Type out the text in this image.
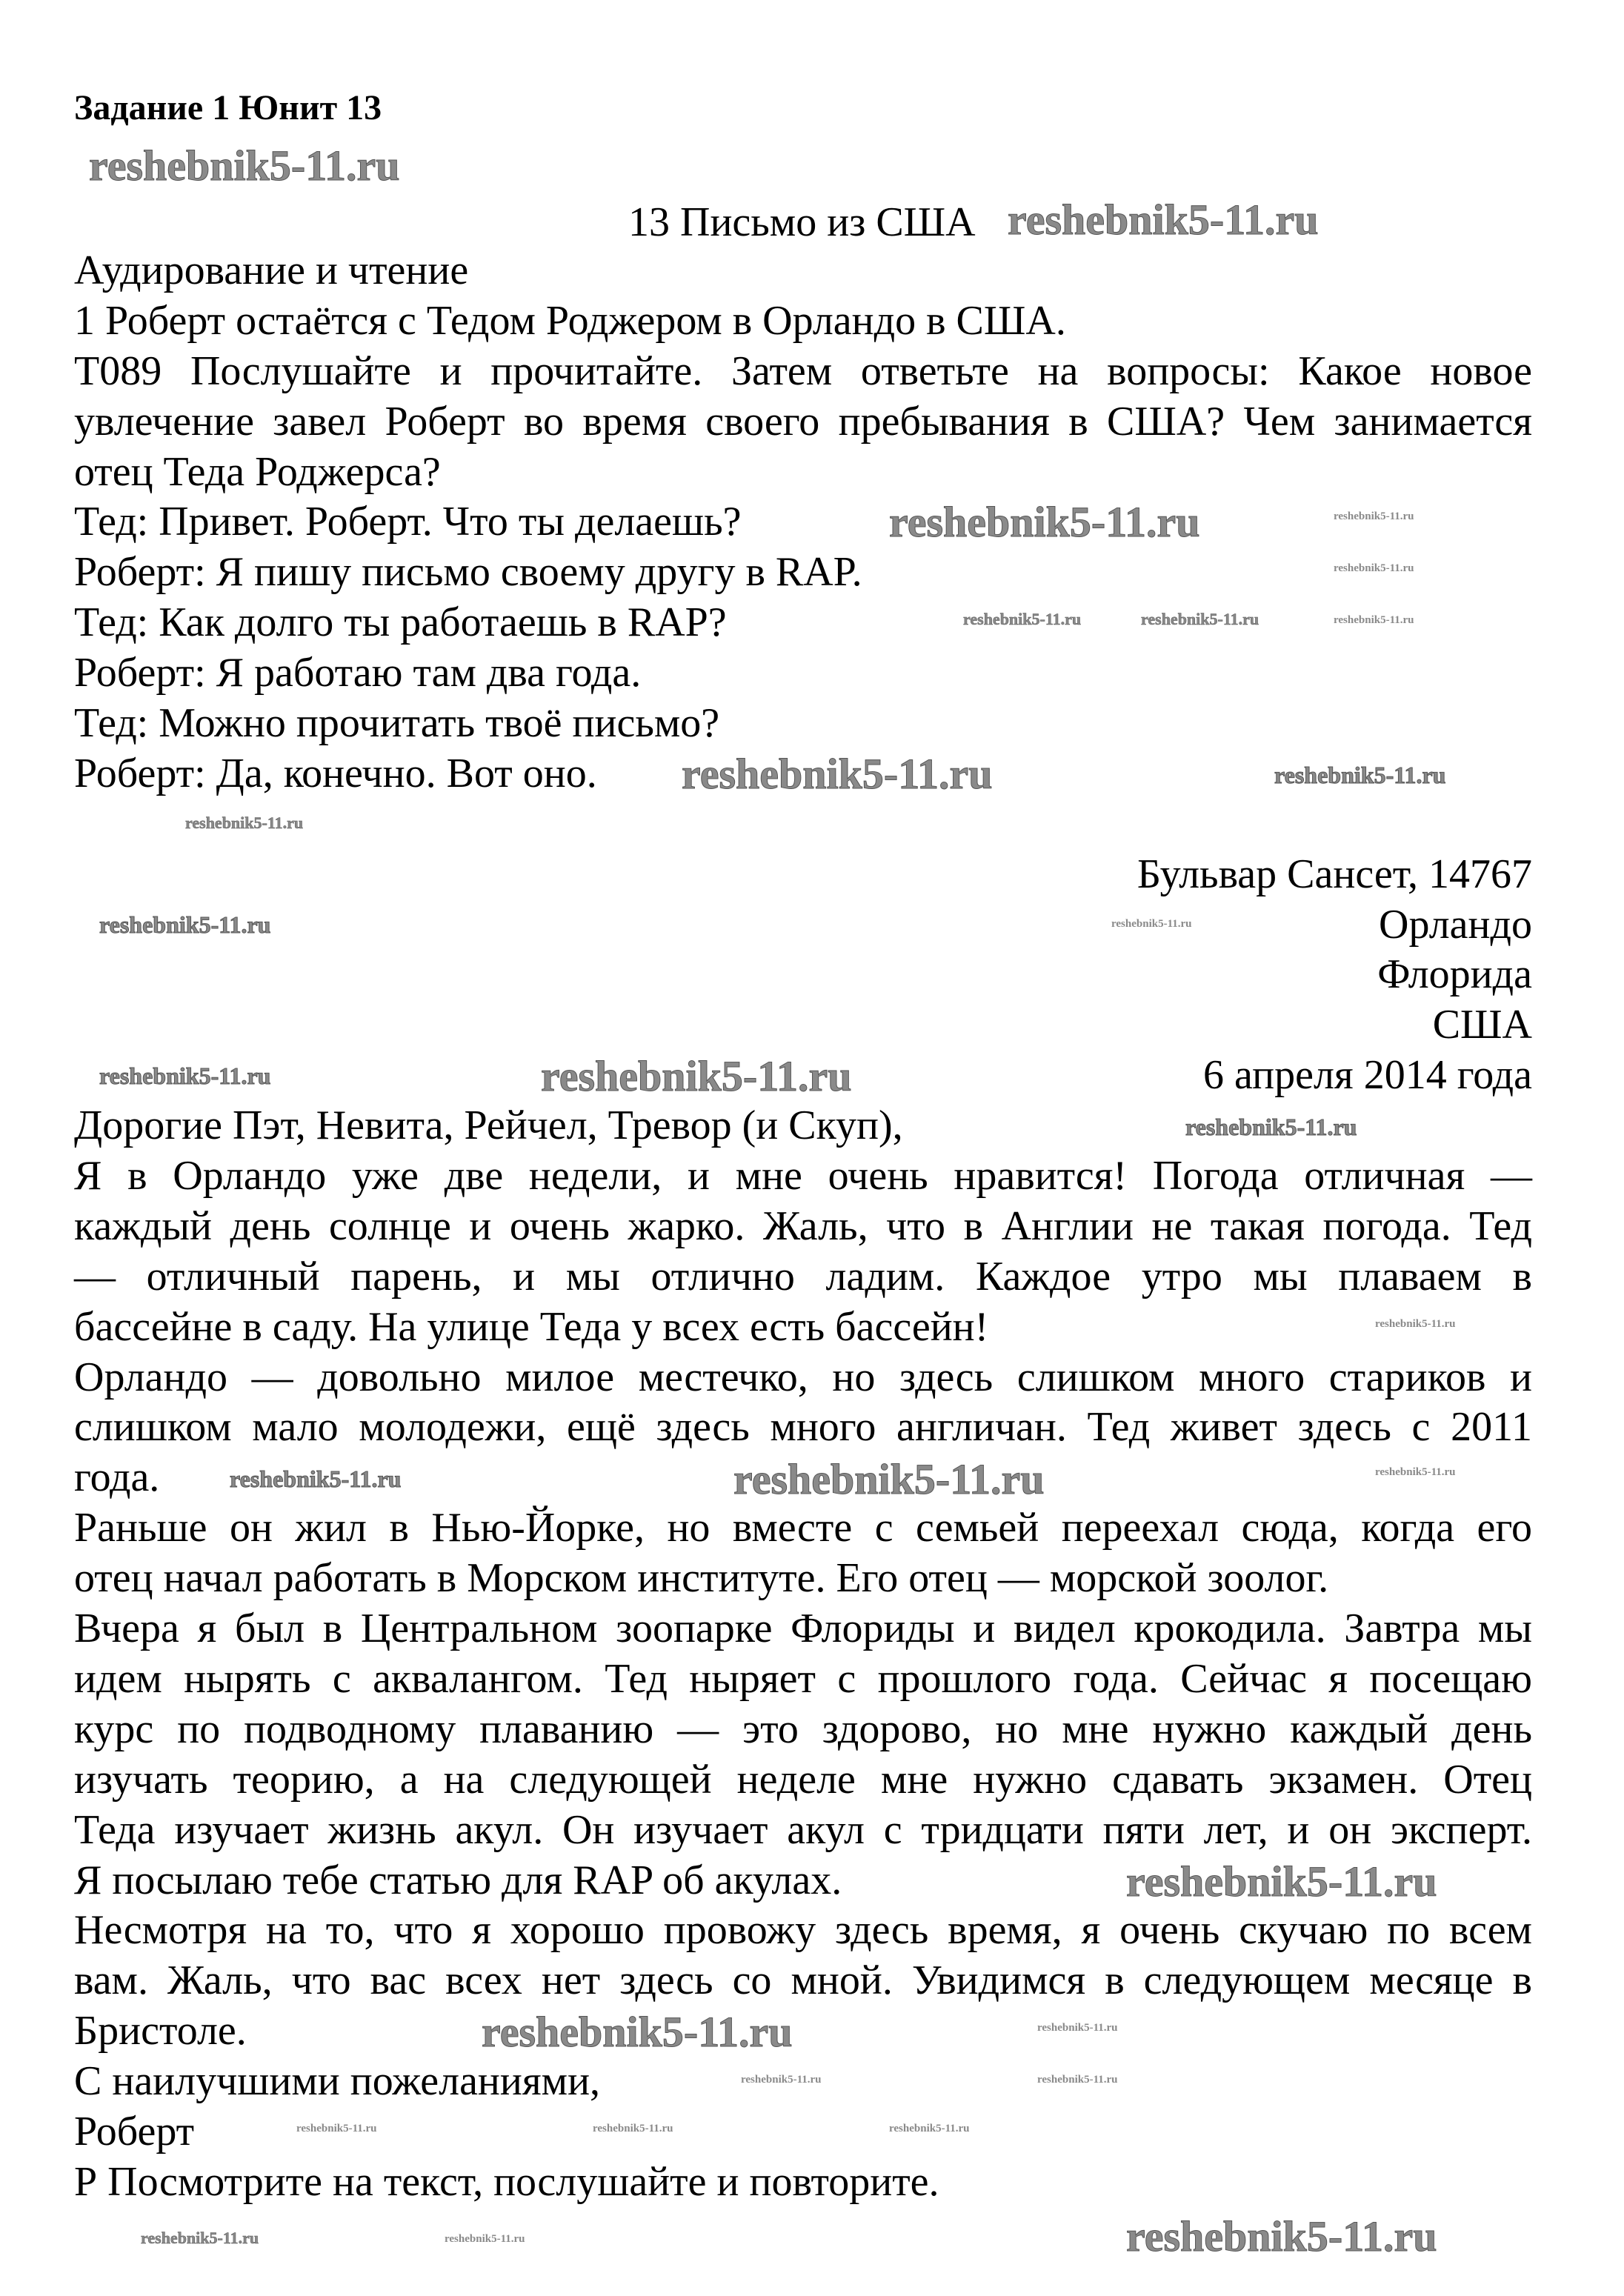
Задание 1 Юнит 13
13 Письмо из США
Аудирование и чтение
1 Роберт остаётся с Тедом Роджером в Орландо в США.
T089 Послушайте и прочитайте. Затем ответьте на вопросы: Какое новое
увлечение завел Роберт во время своего пребывания в США? Чем занимается
отец Теда Роджерса?
Тед: Привет. Роберт. Что ты делаешь?
Роберт: Я пишу письмо своему другу в RAP.
Тед: Как долго ты работаешь в RAP?
Роберт: Я работаю там два года.
Тед: Можно прочитать твоё письмо?
Роберт: Да, конечно. Вот оно.
Бульвар Сансет, 14767
Орландо
Флорида
США
6 апреля 2014 года
Дорогие Пэт, Невита, Рейчел, Тревор (и Скуп),
Я в Орландо уже две недели, и мне очень нравится! Погода отличная —
каждый день солнце и очень жарко. Жаль, что в Англии не такая погода. Тед
— отличный парень, и мы отлично ладим. Каждое утро мы плаваем в
бассейне в саду. На улице Теда у всех есть бассейн!
Орландо — довольно милое местечко, но здесь слишком много стариков и
слишком мало молодежи, ещё здесь много англичан. Тед живет здесь с 2011
года.
Раньше он жил в Нью-Йорке, но вместе с семьей переехал сюда, когда его
отец начал работать в Морском институте. Его отец — морской зоолог.
Вчера я был в Центральном зоопарке Флориды и видел крокодила. Завтра мы
идем нырять с аквалангом. Тед ныряет с прошлого года. Сейчас я посещаю
курс по подводному плаванию — это здорово, но мне нужно каждый день
изучать теорию, а на следующей неделе мне нужно сдавать экзамен. Отец
Теда изучает жизнь акул. Он изучает акул с тридцати пяти лет, и он эксперт.
Я посылаю тебе статью для RAP об акулах.
Несмотря на то, что я хорошо провожу здесь время, я очень скучаю по всем
вам. Жаль, что вас всех нет здесь со мной. Увидимся в следующем месяце в
Бристоле.
С наилучшими пожеланиями,
Роберт
Р Посмотрите на текст, послушайте и повторите.
reshebnik5-11.ru
reshebnik5-11.ru
reshebnik5-11.ru
reshebnik5-11.ru
reshebnik5-11.ru
reshebnik5-11.ru
reshebnik5-11.ru
reshebnik5-11.ru
reshebnik5-11.ru
reshebnik5-11.ru
reshebnik5-11.ru
reshebnik5-11.ru
reshebnik5-11.ru
reshebnik5-11.ru
reshebnik5-11.ru	reshebnik5-11.ru
reshebnik5-11.ru
reshebnik5-11.ru
reshebnik5-11.ru
reshebnik5-11.ru
reshebnik5-11.ru
reshebnik5-11.ru
reshebnik5-11.ru
reshebnik5-11.ru
reshebnik5-11.ru	reshebnik5-11.ru	reshebnik5-11.ru
reshebnik5-11.ru
reshebnik5-11.ru
reshebnik5-11.ru
reshebnik5-11.ru
